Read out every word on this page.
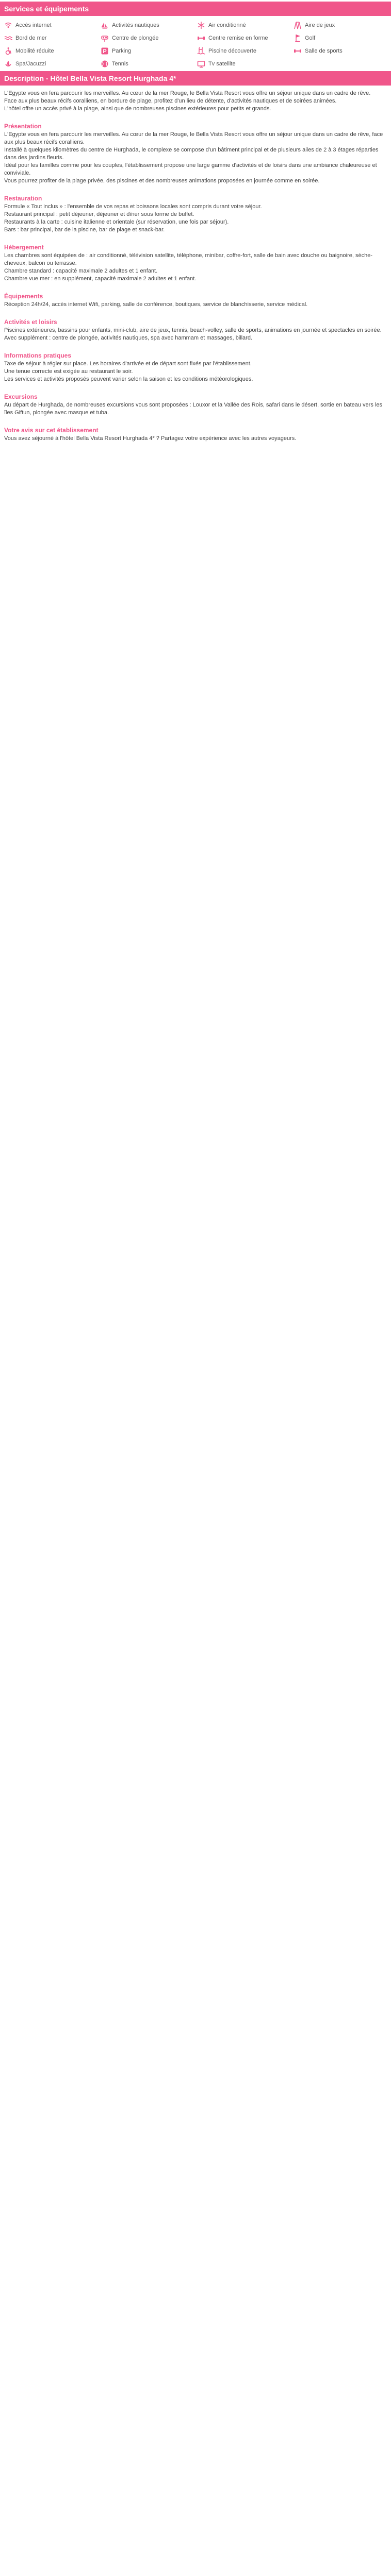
Services et équipements
Accès internet	Activités nautiques	Air conditionné	Aire de jeux
Bord de mer	Centre de plongée	Centre remise en forme	Golf
Mobilité réduite	P Parking	Piscine découverte	Salle de sports
Spa/Jacuzzi	Tennis	Tv satellite
Description - Hôtel Bella Vista Resort Hurghada 4*

L'Egypte vous en fera parcourir les merveilles. Au cœur de la mer Rouge, le Bella Vista Resort vous offre un séjour unique dans un cadre de rêve.

Face aux plus beaux récifs coralliens, en bordure de plage, profitez d'un lieu de détente, d'activités nautiques et de soirées animées.

L'hôtel offre un accès privé à la plage, ainsi que de nombreuses piscines extérieures pour petits et grands.

Présentation

L'Egypte vous en fera parcourir les merveilles. Au cœur de la mer Rouge, le Bella Vista Resort vous offre un séjour unique dans un cadre de rêve, face aux plus beaux récifs coralliens.

Installé à quelques kilomètres du centre de Hurghada, le complexe se compose d'un bâtiment principal et de plusieurs ailes de 2 à 3 étages réparties dans des jardins fleuris.

Idéal pour les familles comme pour les couples, l'établissement propose une large gamme d'activités et de loisirs dans une ambiance chaleureuse et conviviale.

Vous pourrez profiter de la plage privée, des piscines et des nombreuses animations proposées en journée comme en soirée.

Restauration

Formule « Tout inclus » : l'ensemble de vos repas et boissons locales sont compris durant votre séjour.

Restaurant principal : petit déjeuner, déjeuner et dîner sous forme de buffet.

Restaurants à la carte : cuisine italienne et orientale (sur réservation, une fois par séjour).

Bars : bar principal, bar de la piscine, bar de plage et snack-bar.

Hébergement

Les chambres sont équipées de : air conditionné, télévision satellite, téléphone, minibar, coffre-fort, salle de bain avec douche ou baignoire, sèche-cheveux, balcon ou terrasse.

Chambre standard : capacité maximale 2 adultes et 1 enfant.

Chambre vue mer : en supplément, capacité maximale 2 adultes et 1 enfant.

Équipements

Réception 24h/24, accès internet Wifi, parking, salle de conférence, boutiques, service de blanchisserie, service médical.

Activités et loisirs

Piscines extérieures, bassins pour enfants, mini-club, aire de jeux, tennis, beach-volley, salle de sports, animations en journée et spectacles en soirée.

Avec supplément : centre de plongée, activités nautiques, spa avec hammam et massages, billard.

Informations pratiques

Taxe de séjour à régler sur place. Les horaires d'arrivée et de départ sont fixés par l'établissement.

Une tenue correcte est exigée au restaurant le soir.

Les services et activités proposés peuvent varier selon la saison et les conditions météorologiques.

Excursions

Au départ de Hurghada, de nombreuses excursions vous sont proposées : Louxor et la Vallée des Rois, safari dans le désert, sortie en bateau vers les îles Giftun, plongée avec masque et tuba.

Votre avis sur cet établissement

Vous avez séjourné à l'hôtel Bella Vista Resort Hurghada 4* ? Partagez votre expérience avec les autres voyageurs.
